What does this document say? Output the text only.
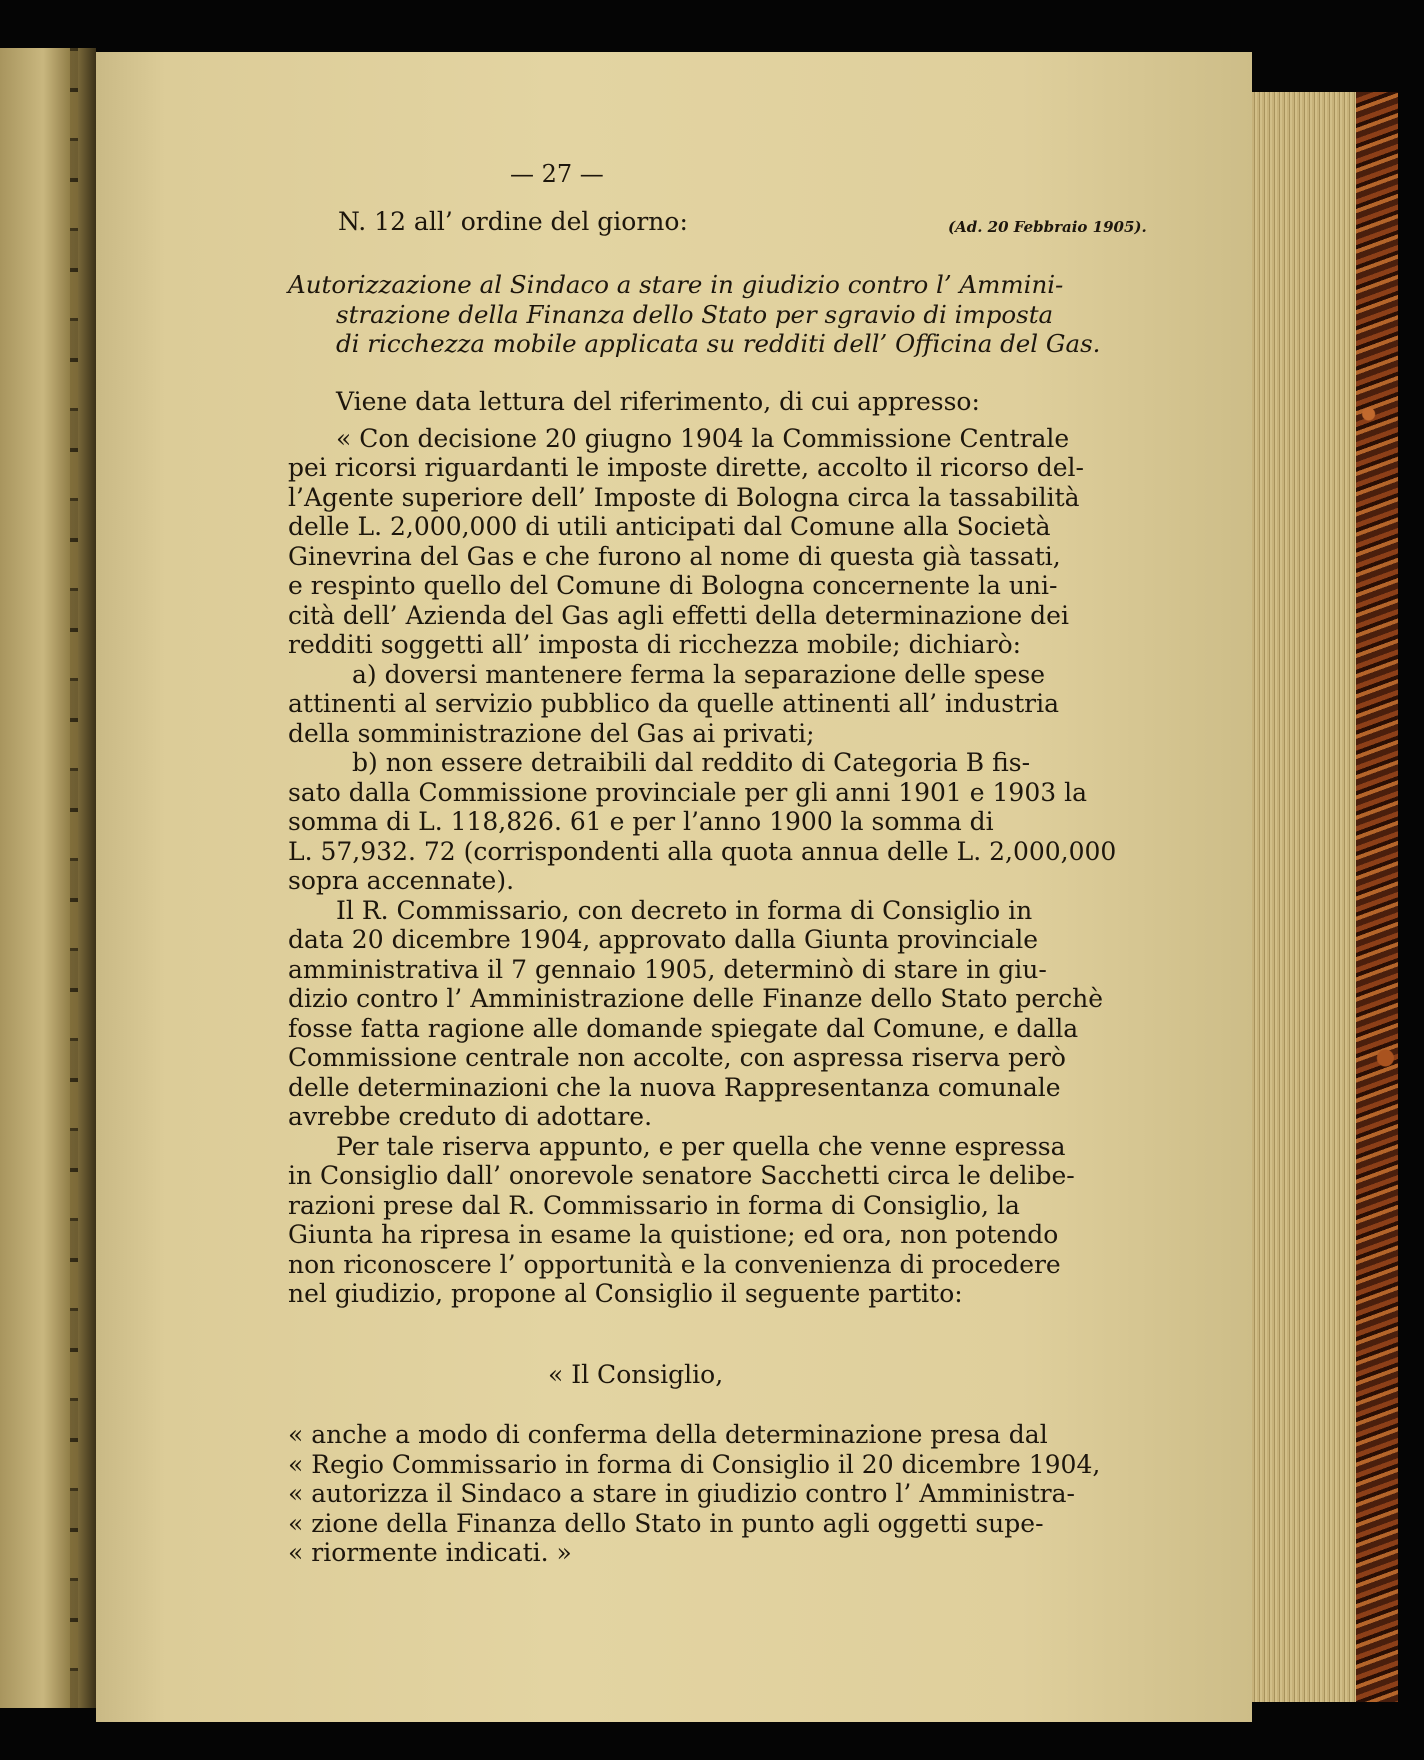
— 27 —
N. 12 all’ ordine del giorno:	(Ad. 20 Febbraio 1905).
Autorizzazione al Sindaco a stare in giudizio contro l’ Ammini-
strazione della Finanza dello Stato per sgravio di imposta
di ricchezza mobile applicata su redditi dell’ Officina del Gas.
Viene data lettura del riferimento, di cui appresso:
« Con decisione 20 giugno 1904 la Commissione Centrale
pei ricorsi riguardanti le imposte dirette, accolto il ricorso del-
l’Agente superiore dell’ Imposte di Bologna circa la tassabilità
delle L. 2,000,000 di utili anticipati dal Comune alla Società
Ginevrina del Gas e che furono al nome di questa già tassati,
e respinto quello del Comune di Bologna concernente la uni-
cità dell’ Azienda del Gas agli effetti della determinazione dei
redditi soggetti all’ imposta di ricchezza mobile; dichiarò:
a) doversi mantenere ferma la separazione delle spese
attinenti al servizio pubblico da quelle attinenti all’ industria
della somministrazione del Gas ai privati;
b) non essere detraibili dal reddito di Categoria B fis-
sato dalla Commissione provinciale per gli anni 1901 e 1903 la
somma di L. 118,826. 61 e per l’anno 1900 la somma di
L. 57,932. 72 (corrispondenti alla quota annua delle L. 2,000,000
sopra accennate).
Il R. Commissario, con decreto in forma di Consiglio in
data 20 dicembre 1904, approvato dalla Giunta provinciale
amministrativa il 7 gennaio 1905, determinò di stare in giu-
dizio contro l’ Amministrazione delle Finanze dello Stato perchè
fosse fatta ragione alle domande spiegate dal Comune, e dalla
Commissione centrale non accolte, con aspressa riserva però
delle determinazioni che la nuova Rappresentanza comunale
avrebbe creduto di adottare.
Per tale riserva appunto, e per quella che venne espressa
in Consiglio dall’ onorevole senatore Sacchetti circa le delibe-
razioni prese dal R. Commissario in forma di Consiglio, la
Giunta ha ripresa in esame la quistione; ed ora, non potendo
non riconoscere l’ opportunità e la convenienza di procedere
nel giudizio, propone al Consiglio il seguente partito:
« Il Consiglio,
« anche a modo di conferma della determinazione presa dal
« Regio Commissario in forma di Consiglio il 20 dicembre 1904,
« autorizza il Sindaco a stare in giudizio contro l’ Amministra-
« zione della Finanza dello Stato in punto agli oggetti supe-
« riormente indicati. »
